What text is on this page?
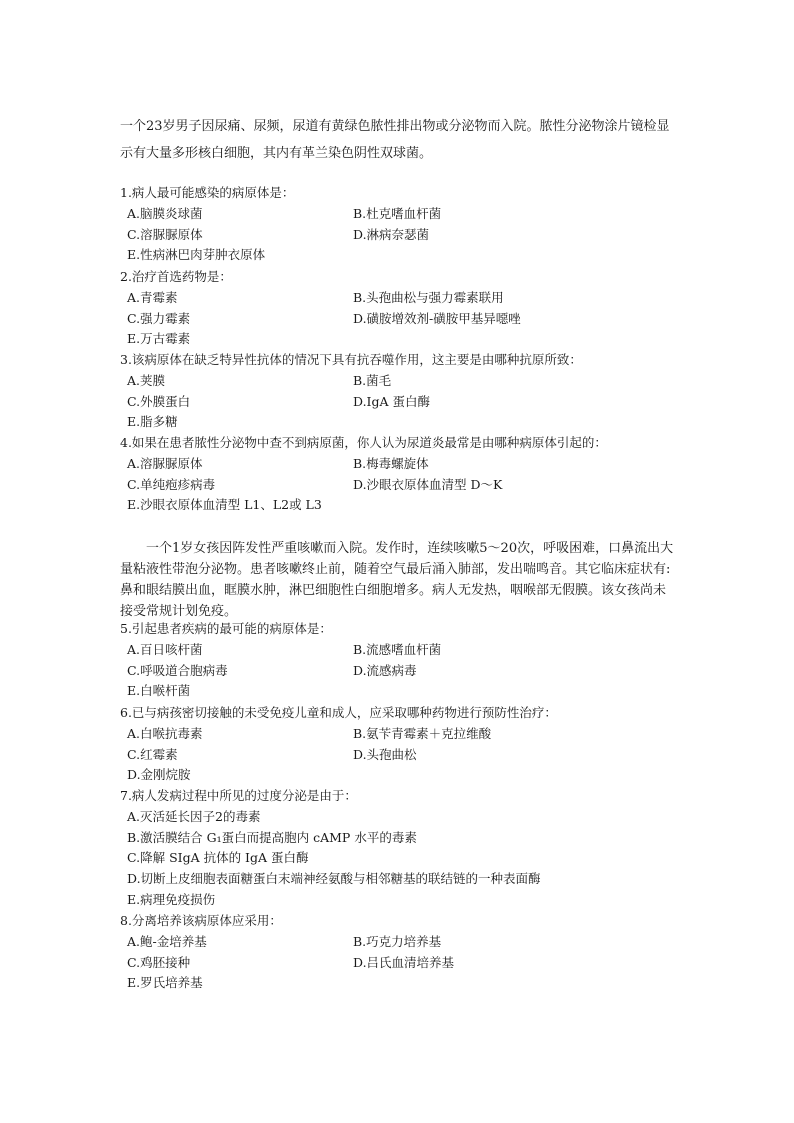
一个23岁男子因尿痛、尿频，尿道有黄绿色脓性排出物或分泌物而入院。脓性分泌物涂片镜检显示有大量多形核白细胞，其内有革兰染色阴性双球菌。

1.病人最可能感染的病原体是：
A.脑膜炎球菌	B.杜克嗜血杆菌
C.溶脲脲原体	D.淋病奈瑟菌
E.性病淋巴肉芽肿衣原体
2.治疗首选药物是：
A.青霉素	B.头孢曲松与强力霉素联用
C.强力霉素	D.磺胺增效剂-磺胺甲基异噁唑
E.万古霉素
3.该病原体在缺乏特异性抗体的情况下具有抗吞噬作用，这主要是由哪种抗原所致：
A.荚膜	B.菌毛
C.外膜蛋白	D.IgA 蛋白酶
E.脂多糖
4.如果在患者脓性分泌物中查不到病原菌，你人认为尿道炎最常是由哪种病原体引起的：
A.溶脲脲原体	B.梅毒螺旋体
C.单纯疱疹病毒	D.沙眼衣原体血清型 D～K
E.沙眼衣原体血清型 L1、L2或 L3

一个1岁女孩因阵发性严重咳嗽而入院。发作时，连续咳嗽5～20次，呼吸困难，口鼻流出大量粘液性带泡分泌物。患者咳嗽终止前，随着空气最后涌入肺部，发出喘鸣音。其它临床症状有: 鼻和眼结膜出血，眶膜水肿，淋巴细胞性白细胞增多。病人无发热，咽喉部无假膜。该女孩尚未接受常规计划免疫。

5.引起患者疾病的最可能的病原体是：
A.百日咳杆菌	B.流感嗜血杆菌
C.呼吸道合胞病毒	D.流感病毒
E.白喉杆菌
6.已与病孩密切接触的未受免疫儿童和成人，应采取哪种药物进行预防性治疗：
A.白喉抗毒素	B.氨苄青霉素＋克拉维酸
C.红霉素	D.头孢曲松
D.金刚烷胺
7.病人发病过程中所见的过度分泌是由于：
A.灭活延长因子2的毒素
B.激活膜结合 G₁蛋白而提高胞内 cAMP 水平的毒素
C.降解 SIgA 抗体的 IgA 蛋白酶
D.切断上皮细胞表面糖蛋白末端神经氨酸与相邻糖基的联结链的一种表面酶
E.病理免疫损伤
8.分离培养该病原体应采用：
A.鲍-金培养基	B.巧克力培养基
C.鸡胚接种	D.吕氏血清培养基
E.罗氏培养基
